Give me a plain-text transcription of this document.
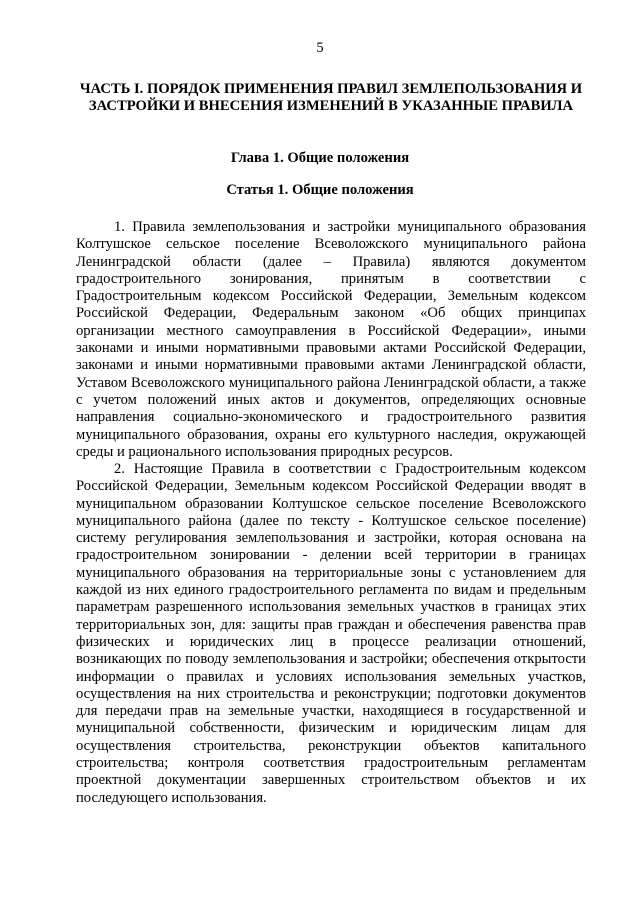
5
ЧАСТЬ I. ПОРЯДОК ПРИМЕНЕНИЯ ПРАВИЛ ЗЕМЛЕПОЛЬЗОВАНИЯ И ЗАСТРОЙКИ И ВНЕСЕНИЯ ИЗМЕНЕНИЙ В УКАЗАННЫЕ ПРАВИЛА
Глава 1. Общие положения
Статья 1. Общие положения

1. Правила землепользования и застройки муниципального образования Колтушское сельское поселение Всеволожского муниципального района Ленинградской области (далее – Правила) являются документом градостроительного зонирования, принятым в соответствии с Градостроительным кодексом Российской Федерации, Земельным кодексом Российской Федерации, Федеральным законом «Об общих принципах организации местного самоуправления в Российской Федерации», иными законами и иными нормативными правовыми актами Российской Федерации, законами и иными нормативными правовыми актами Ленинградской области, Уставом Всеволожского муниципального района Ленинградской области, а также с учетом положений иных актов и документов, определяющих основные направления социально-экономического и градостроительного развития муниципального образования, охраны его культурного наследия, окружающей среды и рационального использования природных ресурсов.

2. Настоящие Правила в соответствии с Градостроительным кодексом Российской Федерации, Земельным кодексом Российской Федерации вводят в муниципальном образовании Колтушское сельское поселение Всеволожского муниципального района (далее по тексту - Колтушское сельское поселение) систему регулирования землепользования и застройки, которая основана на градостроительном зонировании - делении всей территории в границах муниципального образования на территориальные зоны с установлением для каждой из них единого градостроительного регламента по видам и предельным параметрам разрешенного использования земельных участков в границах этих территориальных зон, для: защиты прав граждан и обеспечения равенства прав физических и юридических лиц в процессе реализации отношений, возникающих по поводу землепользования и застройки; обеспечения открытости информации о правилах и условиях использования земельных участков, осуществления на них строительства и реконструкции; подготовки документов для передачи прав на земельные участки, находящиеся в государственной и муниципальной собственности, физическим и юридическим лицам для осуществления строительства, реконструкции объектов капитального строительства; контроля соответствия градостроительным регламентам проектной документации завершенных строительством объектов и их последующего использования.
